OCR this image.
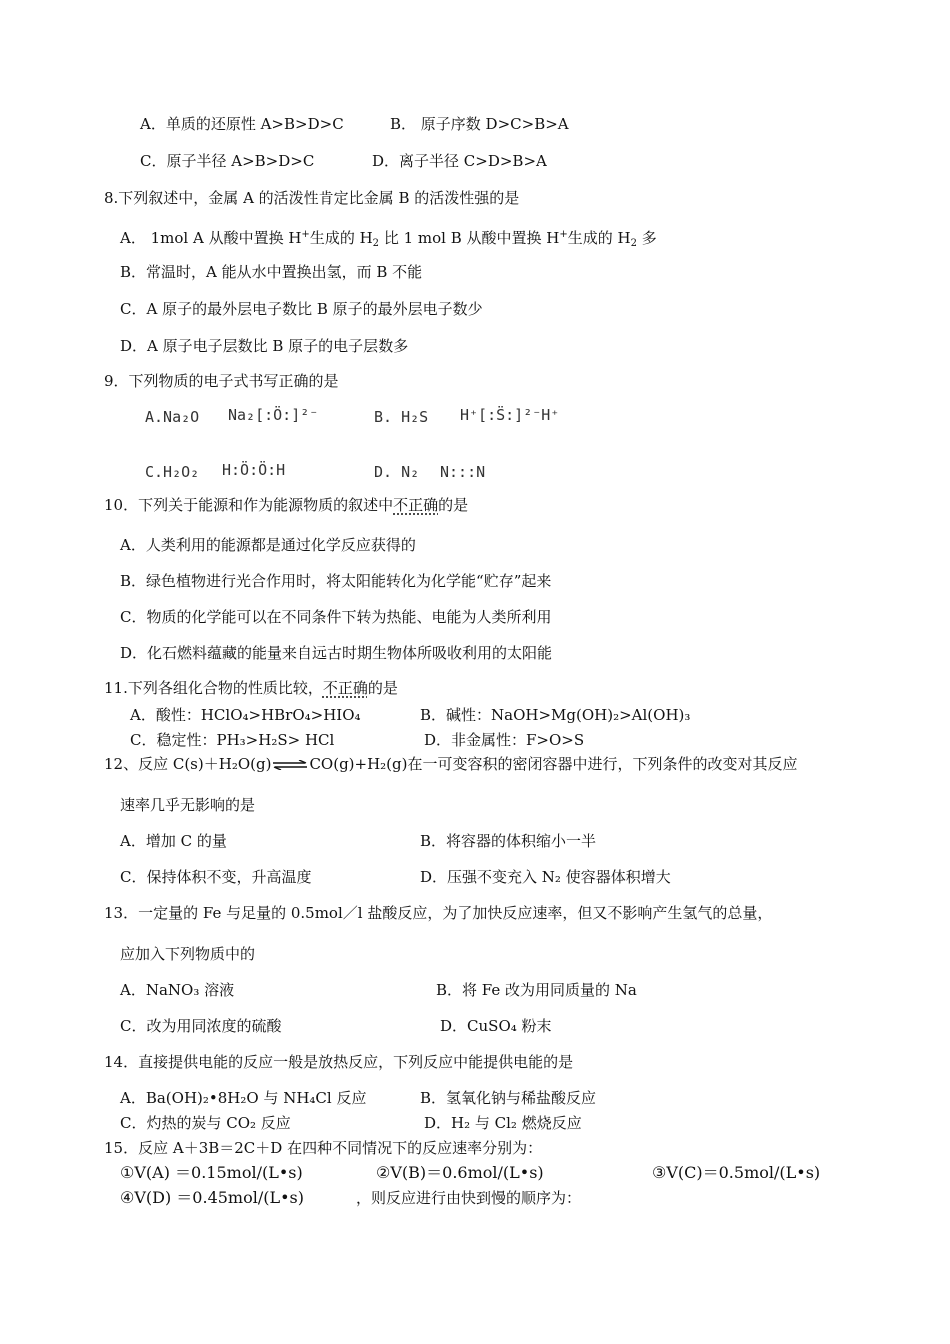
A．单质的还原性 A>B>D>C	B． 原子序数 D>C>B>A
C．原子半径 A>B>D>C	D．离子半径 C>D>B>A
8.下列叙述中，金属 A 的活泼性肯定比金属 B 的活泼性强的是
A． 1mol A 从酸中置换 H+生成的 $H_2$ 比 1 mol B 从酸中置换 H+生成的 $H_2$ 多
B．常温时，A 能从水中置换出氢，而 B 不能
C．A 原子的最外层电子数比 B 原子的最外层电子数少
D．A 原子电子层数比 B 原子的电子层数多
9．下列物质的电子式书写正确的是
A.Na₂O Na₂[:Ö:]²⁻	B. H₂S H⁺[:S̈:]²⁻H⁺
C.H₂O₂ H:Ö:Ö:H	D. N₂ N:::N
10．下列关于能源和作为能源物质的叙述中不正确的是
A．人类利用的能源都是通过化学反应获得的
B．绿色植物进行光合作用时，将太阳能转化为化学能“贮存”起来
C．物质的化学能可以在不同条件下转为热能、电能为人类所利用
D．化石燃料蕴藏的能量来自远古时期生物体所吸收利用的太阳能
11.下列各组化合物的性质比较，不正确的是
A．酸性：HClO₄>HBrO₄>HIO₄	B．碱性：NaOH>Mg(OH)₂>Al(OH)₃
C．稳定性：PH₃>H₂S> HCl	D．非金属性：F>O>S
12、反应 C(s)＋H₂O(g)⇌CO(g)+H₂(g)在一可变容积的密闭容器中进行，下列条件的改变对其反应
速率几乎无影响的是
A．增加 C 的量	B．将容器的体积缩小一半
C．保持体积不变，升高温度	D．压强不变充入 N₂ 使容器体积增大
13．一定量的 Fe 与足量的 0.5mol／l 盐酸反应，为了加快反应速率，但又不影响产生氢气的总量，
应加入下列物质中的
A．NaNO₃ 溶液	B．将 Fe 改为用同质量的 Na
C．改为用同浓度的硫酸	D．CuSO₄ 粉末
14．直接提供电能的反应一般是放热反应，下列反应中能提供电能的是
A．Ba(OH)₂•8H₂O 与 NH₄Cl 反应	B．氢氧化钠与稀盐酸反应
C．灼热的炭与 CO₂ 反应	D．H₂ 与 Cl₂ 燃烧反应
15．反应 A＋3B＝2C＋D 在四种不同情况下的反应速率分别为：
①V(A) ＝0.15mol/(L•s)	②V(B)＝0.6mol/(L•s)	③V(C)＝0.5mol/(L•s)
④V(D) ＝0.45mol/(L•s)	，则反应进行由快到慢的顺序为：
